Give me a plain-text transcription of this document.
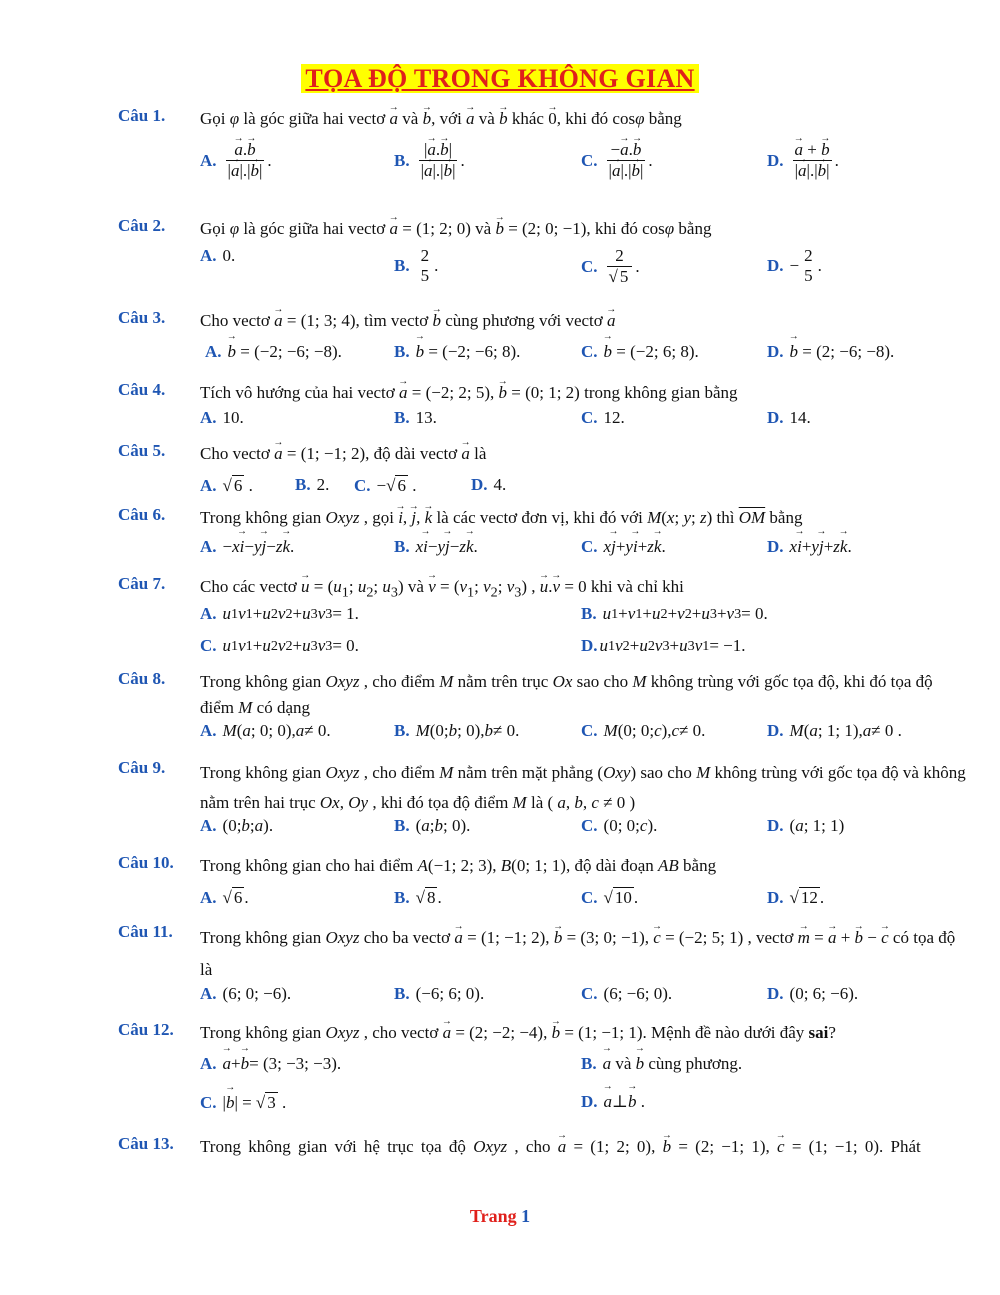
TỌA ĐỘ TRONG KHÔNG GIAN
Câu 1. Gọi φ là góc giữa hai vectơ → a và → b, với → a và → b khác → 0, khi đó cosφ bằng
A. → $\frac{a.\to b}{|\to a|.|\to b|}$ .	B. $\frac{|\to a.\to b|}{|\to a|.|\to b|}$ .	C. $\frac{-\to a.\to b}{|\to a|.|\to b|}$ .	D. → $\frac{a + \to b}{|\to a|.|\to b|}$ .
Câu 2. Gọi φ là góc giữa hai vectơ → a = (1; 2; 0) và → b = (2; 0; −1), khi đó cosφ bằng
A. 0.
B.
2
5
.	C. $\frac{2}{√ 5}$ .	D. −
2
5
.
Câu 3. Cho vectơ → a = (1; 3; 4), tìm vectơ → b cùng phương với vectơ → a
A. → b = (−2; −6; −8).	B. → b = (−2; −6; 8).	C. → b = (−2; 6; 8).	D. → b = (2; −6; −8).
Câu 4. Tích vô hướng của hai vectơ → a = (−2; 2; 5), → b = (0; 1; 2) trong không gian bằng
A. 10.	B. 13.	C. 12.	D. 14.
Câu 5. Cho vectơ → a = (1; −1; 2), độ dài vectơ → a là
A. √ 6 . B. 2. C. −√ 6 .	D. 4.
Câu 6. Trong không gian Oxyz , gọi → i, → j, → k là các vectơ đơn vị, khi đó với M(x; y; z) thì $\overline{OM}$ bằng
A. − x → i − y → j − z → k .	B. x → i − y → j − z → k .	C. x → j + y → i + z → k .	D. x → i + y → j + z → k .
Câu 7. Cho các vectơ → $u = (u_1$; $u_2$; $u_3$) và → $v = (v_1$; $v_2$; $v_3$) , → u.→ v = 0 khi và chỉ khi
A. u 1 v 1 + u 2 v 2 + u 3 v 3 = 1.	B. u 1 + v 1 + u 2 + v 2 + u 3 + v 3 = 0.
C. u 1 v 1 + u 2 v 2 + u 3 v 3 = 0.	D. u 1 v 2 + u 2 v 3 + u 3 v 1 = −1.
Câu 8. Trong không gian Oxyz , cho điểm M nằm trên trục Ox sao cho M không trùng với gốc tọa độ, khi đó tọa độ điểm M có dạng
A. M ( a ; 0; 0), a ≠ 0.	B. M (0; b ; 0), b ≠ 0.	C. M (0; 0; c ), c ≠ 0.	D. M ( a ; 1; 1), a ≠ 0 .
Câu 9. Trong không gian Oxyz , cho điểm M nằm trên mặt phẳng (Oxy) sao cho M không trùng với gốc tọa độ và không nằm trên hai trục Ox, Oy , khi đó tọa độ điểm M là ( a, b, c ≠ 0 )
A. (0; b ; a ).	B. ( a ; b ; 0).	C. (0; 0; c ).	D. ( a ; 1; 1)
Câu 10. Trong không gian cho hai điểm A(−1; 2; 3), B(0; 1; 1), độ dài đoạn AB bằng
A. √ 6 .	B. √ 8 .	C. √ 10 .	D. √ 12 .
Câu 11. Trong không gian Oxyz cho ba vectơ → a = (1; −1; 2), → b = (3; 0; −1), → c = (−2; 5; 1) , vectơ → m = → a + → b − → c có tọa độ là
A. (6; 0; −6).	B. (−6; 6; 0).	C. (6; −6; 0).	D. (0; 6; −6).
Câu 12. Trong không gian Oxyz , cho vectơ → a = (2; −2; −4), → b = (1; −1; 1). Mệnh đề nào dưới đây sai?
A. → a + → b = (3; −3; −3).	B. → a và → b cùng phương.
C. | → b | = √ 3 .	D. → a ⊥ → b .
Câu 13. Trong không gian với hệ trục tọa độ Oxyz , cho → a = (1; 2; 0), → b = (2; −1; 1), → c = (1; −1; 0). Phát
Trang 1
